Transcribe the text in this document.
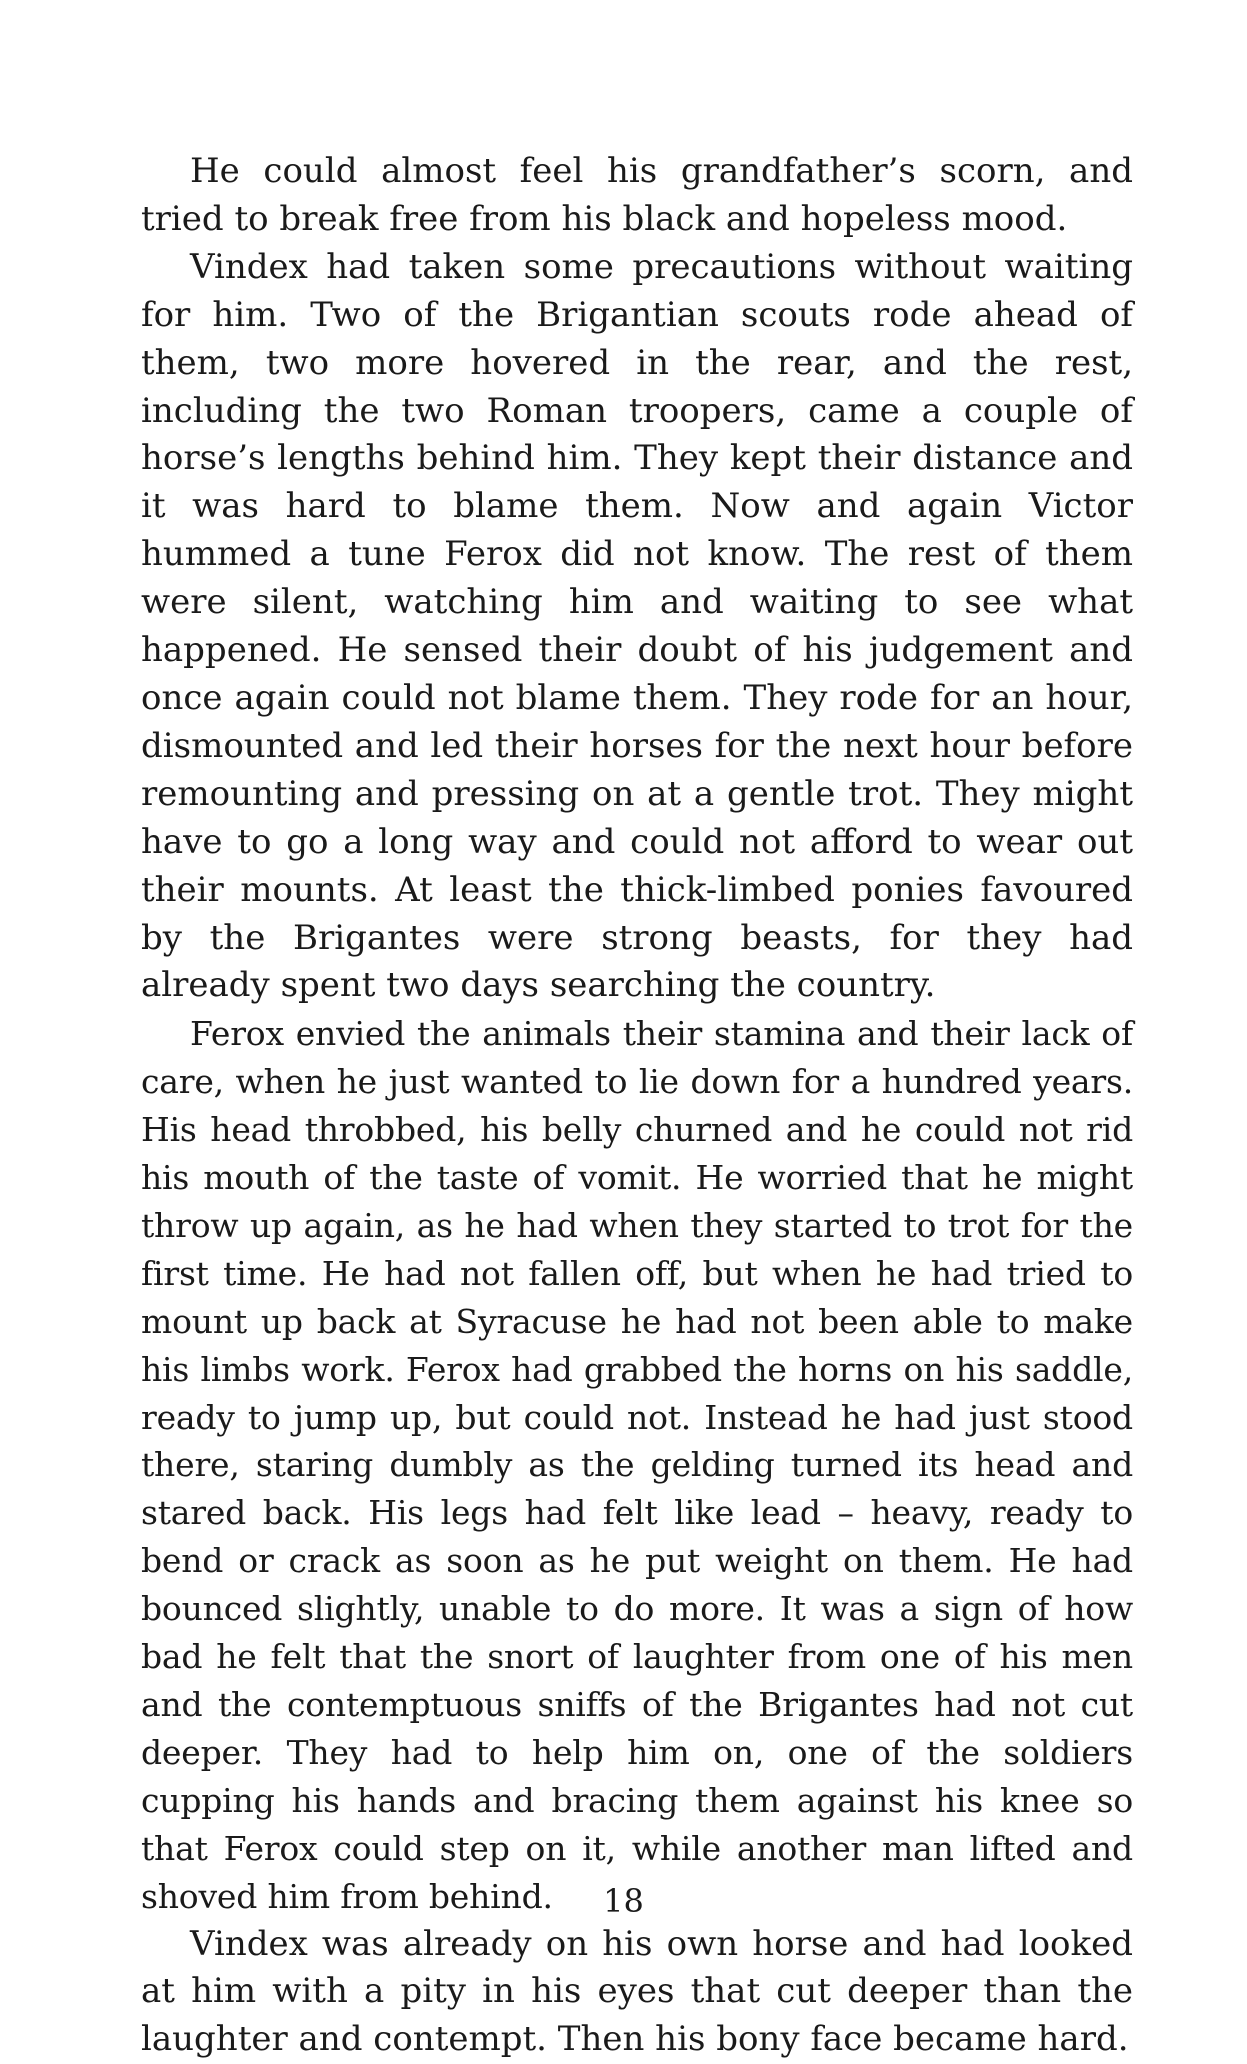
He could almost feel his grandfather’s scorn, and tried to break free from his black and hopeless mood.

Vindex had taken some precautions without waiting for him. Two of the Brigantian scouts rode ahead of them, two more hovered in the rear, and the rest, including the two Roman troopers, came a couple of horse’s lengths behind him. They kept their distance and it was hard to blame them. Now and again Victor hummed a tune Ferox did not know. The rest of them were silent, watching him and waiting to see what happened. He sensed their doubt of his judgement and once again could not blame them. They rode for an hour, dismounted and led their horses for the next hour before remounting and pressing on at a gentle trot. They might have to go a long way and could not afford to wear out their mounts. At least the thick-limbed ponies favoured by the Brigantes were strong beasts, for they had already spent two days searching the country.

Ferox envied the animals their stamina and their lack of care, when he just wanted to lie down for a hundred years. His head throbbed, his belly churned and he could not rid his mouth of the taste of vomit. He worried that he might throw up again, as he had when they started to trot for the first time. He had not fallen off, but when he had tried to mount up back at Syracuse he had not been able to make his limbs work. Ferox had grabbed the horns on his saddle, ready to jump up, but could not. Instead he had just stood there, staring dumbly as the gelding turned its head and stared back. His legs had felt like lead – heavy, ready to bend or crack as soon as he put weight on them. He had bounced slightly, unable to do more. It was a sign of how bad he felt that the snort of laughter from one of his men and the contemptuous sniffs of the Brigantes had not cut deeper. They had to help him on, one of the soldiers cupping his hands and bracing them against his knee so that Ferox could step on it, while another man lifted and shoved him from behind.

Vindex was already on his own horse and had looked at him with a pity in his eyes that cut deeper than the laughter and contempt. Then his bony face became hard.

18
